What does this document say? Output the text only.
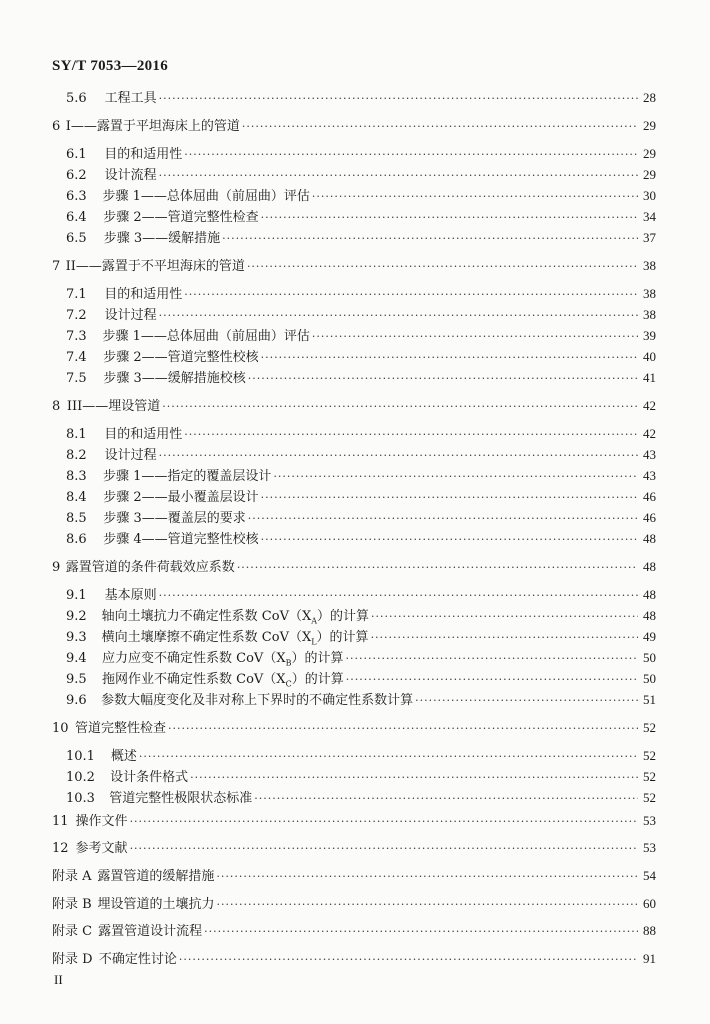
SY/T 7053—2016
5.6	工程工具 ·····	28
6 I——露置于平坦海床上的管道 ·····	29
6.1	目的和适用性 ·····	29
6.2	设计流程 ·····	29
6.3	步骤 1——总体屈曲（前屈曲）评估 ·····	30
6.4	步骤 2——管道完整性检查 ·····	34
6.5	步骤 3——缓解措施 ·····	37
7 II——露置于不平坦海床的管道 ·····	38
7.1	目的和适用性 ·····	38
7.2	设计过程 ·····	38
7.3	步骤 1——总体屈曲（前屈曲）评估 ·····	39
7.4	步骤 2——管道完整性校核 ·····	40
7.5	步骤 3——缓解措施校核 ·····	41
8 III——埋设管道 ·····	42
8.1	目的和适用性 ·····	42
8.2	设计过程 ·····	43
8.3	步骤 1——指定的覆盖层设计 ·····	43
8.4	步骤 2——最小覆盖层设计 ·····	46
8.5	步骤 3——覆盖层的要求 ·····	46
8.6	步骤 4——管道完整性校核 ·····	48
9 露置管道的条件荷载效应系数 ·····	48
9.1	基本原则 ·····	48
9.2	轴向土壤抗力不确定性系数 $CoV(X_A)$的计算 ·····	48
9.3	横向土壤摩擦不确定性系数 $CoV(X_L)$的计算 ·····	49
9.4	应力应变不确定性系数 $CoV(X_B)$的计算 ·····	50
9.5	拖网作业不确定性系数 $CoV(X_C)$的计算 ·····	50
9.6	参数大幅度变化及非对称上下界时的不确定性系数计算 ·····	51
10 管道完整性检查 ·····	52
10.1	概述 ·····	52
10.2	设计条件格式 ·····	52
10.3	管道完整性极限状态标准 ·····	52
11 操作文件 ·····	53
12 参考文献 ·····	53
附录 A 露置管道的缓解措施 ·····	54
附录 B 埋设管道的土壤抗力 ·····	60
附录 C 露置管道设计流程 ·····	88
附录 D 不确定性讨论 ·····	91
II
